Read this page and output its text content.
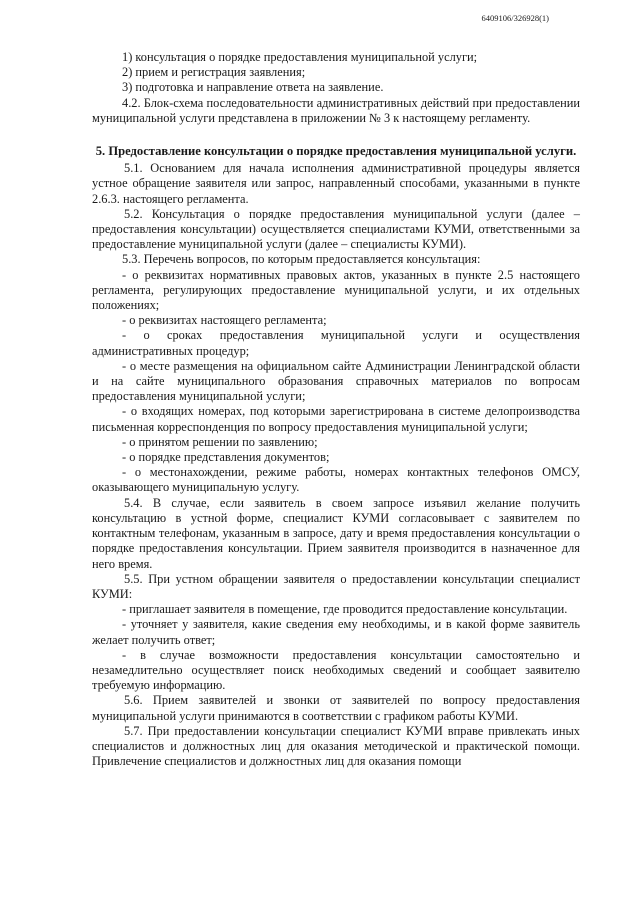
6409106/326928(1)

1) консультация о порядке предоставления муниципальной услуги;

2) прием и регистрация заявления;

3) подготовка и направление ответа на заявление.

4.2. Блок-схема последовательности административных действий при предоставлении муниципальной услуги представлена в приложении № 3 к настоящему регламенту.

5. Предоставление консультации о порядке предоставления муниципальной услуги.

5.1. Основанием для начала исполнения административной процедуры является устное обращение заявителя или запрос, направленный способами, указанными в пункте 2.6.3. настоящего регламента.

5.2. Консультация о порядке предоставления муниципальной услуги (далее – предоставления консультации) осуществляется специалистами КУМИ, ответственными за предоставление муниципальной услуги (далее – специалисты КУМИ).

5.3. Перечень вопросов, по которым предоставляется консультация:

- о реквизитах нормативных правовых актов, указанных в пункте 2.5 настоящего регламента, регулирующих предоставление муниципальной услуги, и их отдельных положениях;

- о реквизитах настоящего регламента;

- о сроках предоставления муниципальной услуги и осуществления административных процедур;

- о месте размещения на официальном сайте Администрации Ленинградской области и на сайте муниципального образования справочных материалов по вопросам предоставления муниципальной услуги;

- о входящих номерах, под которыми зарегистрирована в системе делопроизводства письменная корреспонденция по вопросу предоставления муниципальной услуги;

- о принятом решении по заявлению;

- о порядке представления документов;

- о местонахождении, режиме работы, номерах контактных телефонов ОМСУ, оказывающего муниципальную услугу.

5.4. В случае, если заявитель в своем запросе изъявил желание получить консультацию в устной форме, специалист КУМИ согласовывает с заявителем по контактным телефонам, указанным в запросе, дату и время предоставления консультации о порядке предоставления консультации. Прием заявителя производится в назначенное для него время.

5.5. При устном обращении заявителя о предоставлении консультации специалист КУМИ:

- приглашает заявителя в помещение, где проводится предоставление консультации.

- уточняет у заявителя, какие сведения ему необходимы, и в какой форме заявитель желает получить ответ;

- в случае возможности предоставления консультации самостоятельно и незамедлительно осуществляет поиск необходимых сведений и сообщает заявителю требуемую информацию.

5.6. Прием заявителей и звонки от заявителей по вопросу предоставления муниципальной услуги принимаются в соответствии с графиком работы КУМИ.

5.7. При предоставлении консультации специалист КУМИ вправе привлекать иных специалистов и должностных лиц для оказания методической и практической помощи. Привлечение специалистов и должностных лиц для оказания помощи
